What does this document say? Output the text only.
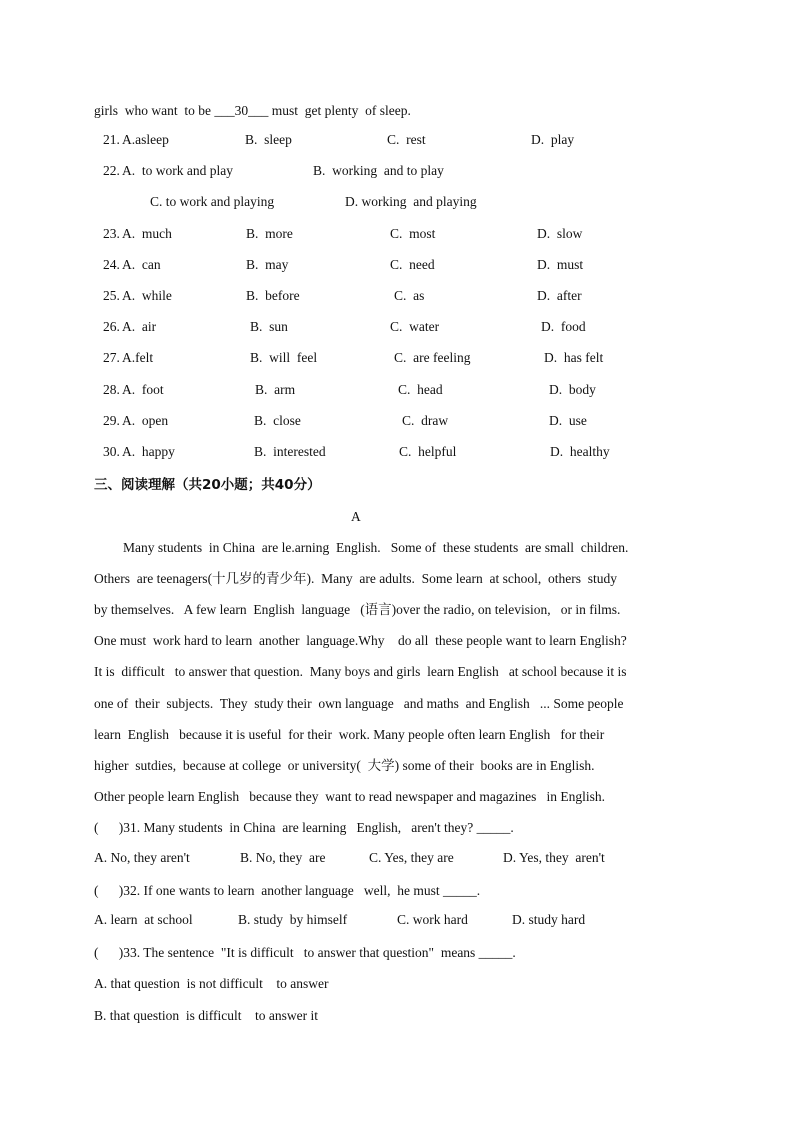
girls  who want  to be ___30___ must  get plenty  of sleep.
21. A.asleep	B.  sleep	C.  rest	D.  play
22. A.  to work and play	B.  working  and to play
C. to work and playing	D. working  and playing
23. A.  much	B.  more	C.  most	D.  slow
24. A.  can	B.  may	C.  need	D.  must
25. A.  while	B.  before	C.  as	D.  after
26. A.  air	B.  sun	C.  water	D.  food
27. A.felt	B.  will  feel	C.  are feeling	D.  has felt
28. A.  foot	B.  arm	C.  head	D.  body
29. A.  open	B.  close	C.  draw	D.  use
30. A.  happy	B.  interested	C.  helpful	D.  healthy
三、阅读理解（共20小题；共40分）
A
Many students  in China  are le.arning  English.   Some of  these students  are small  children.
Others  are teenagers(十几岁的青少年).  Many  are adults.  Some learn  at school,  others  study
by themselves.   A few learn  English  language   (语言)over the radio, on television,   or in films.
One must  work hard to learn  another  language.Why    do all  these people want to learn English?
It is  difficult   to answer that question.  Many boys and girls  learn English   at school because it is
one of  their  subjects.  They  study their  own language   and maths  and English   ... Some people
learn  English   because it is useful  for their  work. Many people often learn English   for their
higher  sutdies,  because at college  or university(  大学) some of their  books are in English.
Other people learn English   because they  want to read newspaper and magazines   in English.
(      )31. Many students  in China  are learning   English,   aren't they? _____.
A. No, they aren't	B. No, they  are	C. Yes, they are	D. Yes, they  aren't
(      )32. If one wants to learn  another language   well,  he must _____.
A. learn  at school	B. study  by himself	C. work hard	D. study hard
(      )33. The sentence  "It is difficult   to answer that question"  means _____.
A. that question  is not difficult    to answer
B. that question  is difficult    to answer it
